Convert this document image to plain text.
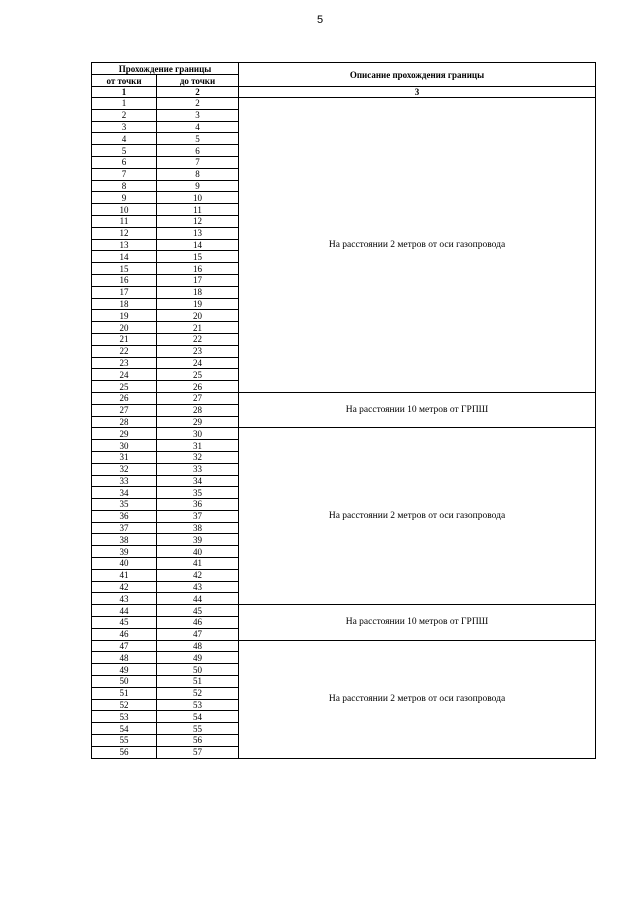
5
Прохождение границы		Описание прохождения границы
от точки	до точки	
1	2	3
1	2	На расстоянии 2 метров от оси газопровода
2	3	
3	4	
4	5	
5	6	
6	7	
7	8	
8	9	
9	10	
10	11	
11	12	
12	13	
13	14	
14	15	
15	16	
16	17	
17	18	
18	19	
19	20	
20	21	
21	22	
22	23	
23	24	
24	25	
25	26	
26	27	На расстоянии 10 метров от ГРПШ
27	28	
28	29	
29	30	На расстоянии 2 метров от оси газопровода
30	31	
31	32	
32	33	
33	34	
34	35	
35	36	
36	37	
37	38	
38	39	
39	40	
40	41	
41	42	
42	43	
43	44	
44	45	На расстоянии 10 метров от ГРПШ
45	46	
46	47	
47	48	На расстоянии 2 метров от оси газопровода
48	49	
49	50	
50	51	
51	52	
52	53	
53	54	
54	55	
55	56	
56	57	
